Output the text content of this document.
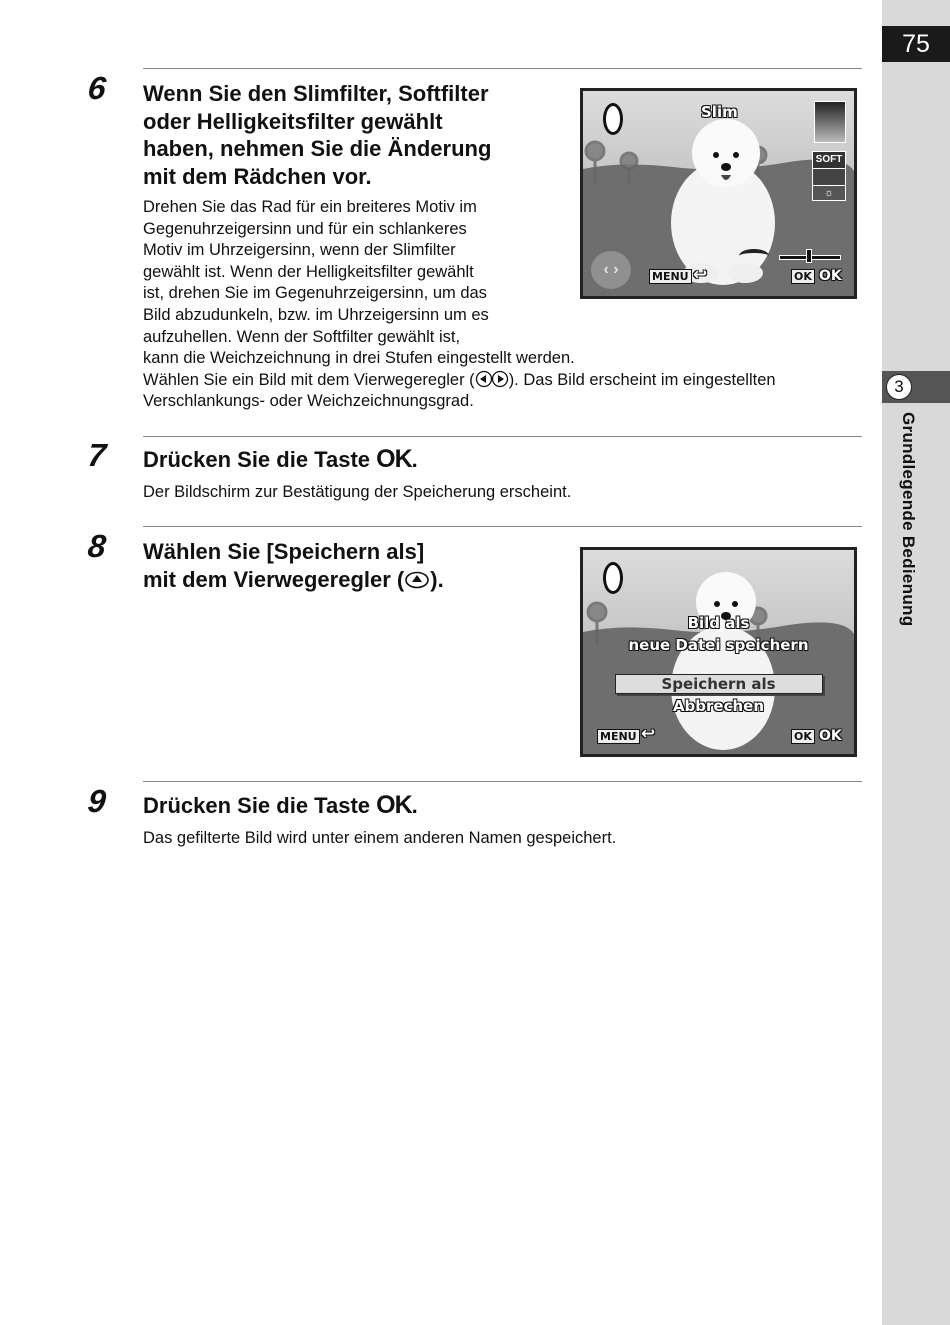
75
3
Grundlegende Bedienung
6 Wenn Sie den Slimfilter, Softfilter
oder Helligkeitsfilter gewählt
haben, nehmen Sie die Änderung
mit dem Rädchen vor.
Drehen Sie das Rad für ein breiteres Motiv im
Gegenuhrzeigersinn und für ein schlankeres
Motiv im Uhrzeigersinn, wenn der Slimfilter
gewählt ist. Wenn der Helligkeitsfilter gewählt
ist, drehen Sie im Gegenuhrzeigersinn, um das
Bild abzudunkeln, bzw. im Uhrzeigersinn um es
aufzuhellen. Wenn der Softfilter gewählt ist,
kann die Weichzeichnung in drei Stufen eingestellt werden.
Wählen Sie ein Bild mit dem Vierwegeregler ( ). Das Bild erscheint im eingestellten
Verschlankungs- oder Weichzeichnungsgrad.
Slim
SOFT
☼
‹ ›	MENU ↩	OK OK
7 Drücken Sie die Taste OK.
Der Bildschirm zur Bestätigung der Speicherung erscheint.
8 Wählen Sie [Speichern als]
mit dem Vierwegeregler ( ).
Bild als
neue Datei speichern
Speichern als
Abbrechen
MENU ↩	OK OK
9 Drücken Sie die Taste OK.
Das gefilterte Bild wird unter einem anderen Namen gespeichert.
